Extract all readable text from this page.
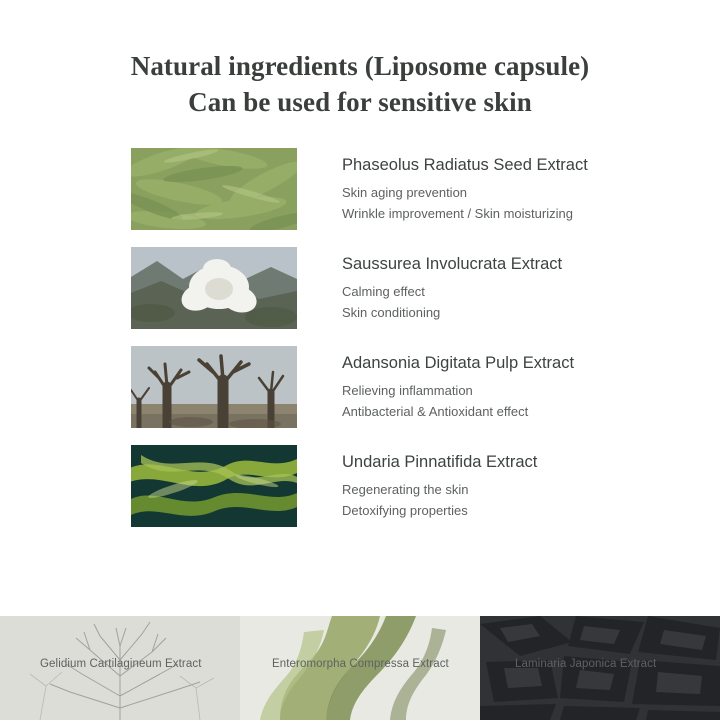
Natural ingredients (Liposome capsule)
Can be used for sensitive skin
Phaseolus Radiatus Seed Extract
Skin aging prevention
Wrinkle improvement / Skin moisturizing
Saussurea Involucrata Extract
Calming effect
Skin conditioning
Adansonia Digitata Pulp Extract
Relieving inflammation
Antibacterial & Antioxidant effect
Undaria Pinnatifida Extract
Regenerating the skin
Detoxifying properties
Gelidium Cartilagineum Extract	Enteromorpha Compressa Extract	Laminaria Japonica Extract
